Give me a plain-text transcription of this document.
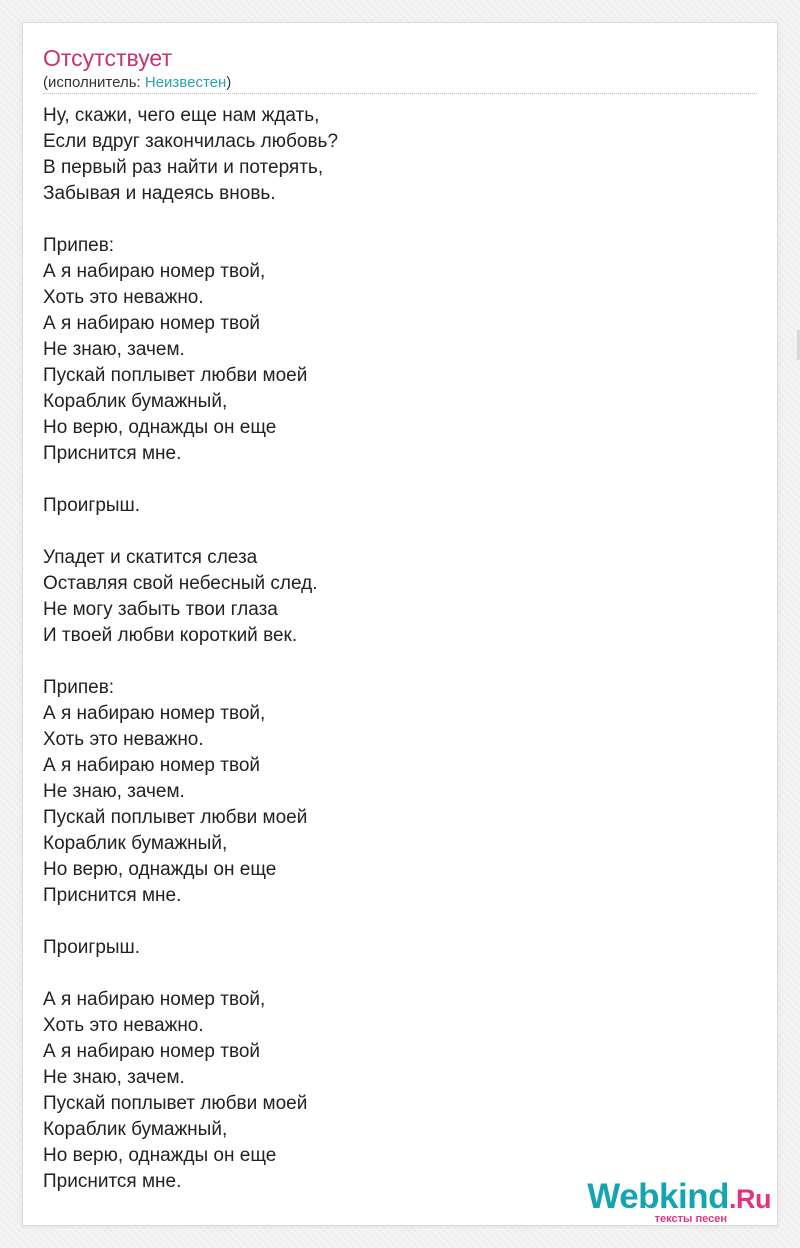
Отсутствует
(исполнитель: Неизвестен)
Ну, скажи, чего еще нам ждать,
Если вдруг закончилась любовь?
В первый раз найти и потерять,
Забывая и надеясь вновь.
Припев:
А я набираю номер твой,
Хоть это неважно.
А я набираю номер твой
Не знаю, зачем.
Пускай поплывет любви моей
Кораблик бумажный,
Но верю, однажды он еще
Приснится мне.
Проигрыш.
Упадет и скатится слеза
Оставляя свой небесный след.
Не могу забыть твои глаза
И твоей любви короткий век.
Припев:
А я набираю номер твой,
Хоть это неважно.
А я набираю номер твой
Не знаю, зачем.
Пускай поплывет любви моей
Кораблик бумажный,
Но верю, однажды он еще
Приснится мне.
Проигрыш.
А я набираю номер твой,
Хоть это неважно.
А я набираю номер твой
Не знаю, зачем.
Пускай поплывет любви моей
Кораблик бумажный,
Но верю, однажды он еще
Приснится мне.	Webkind.Ru
тексты песен
